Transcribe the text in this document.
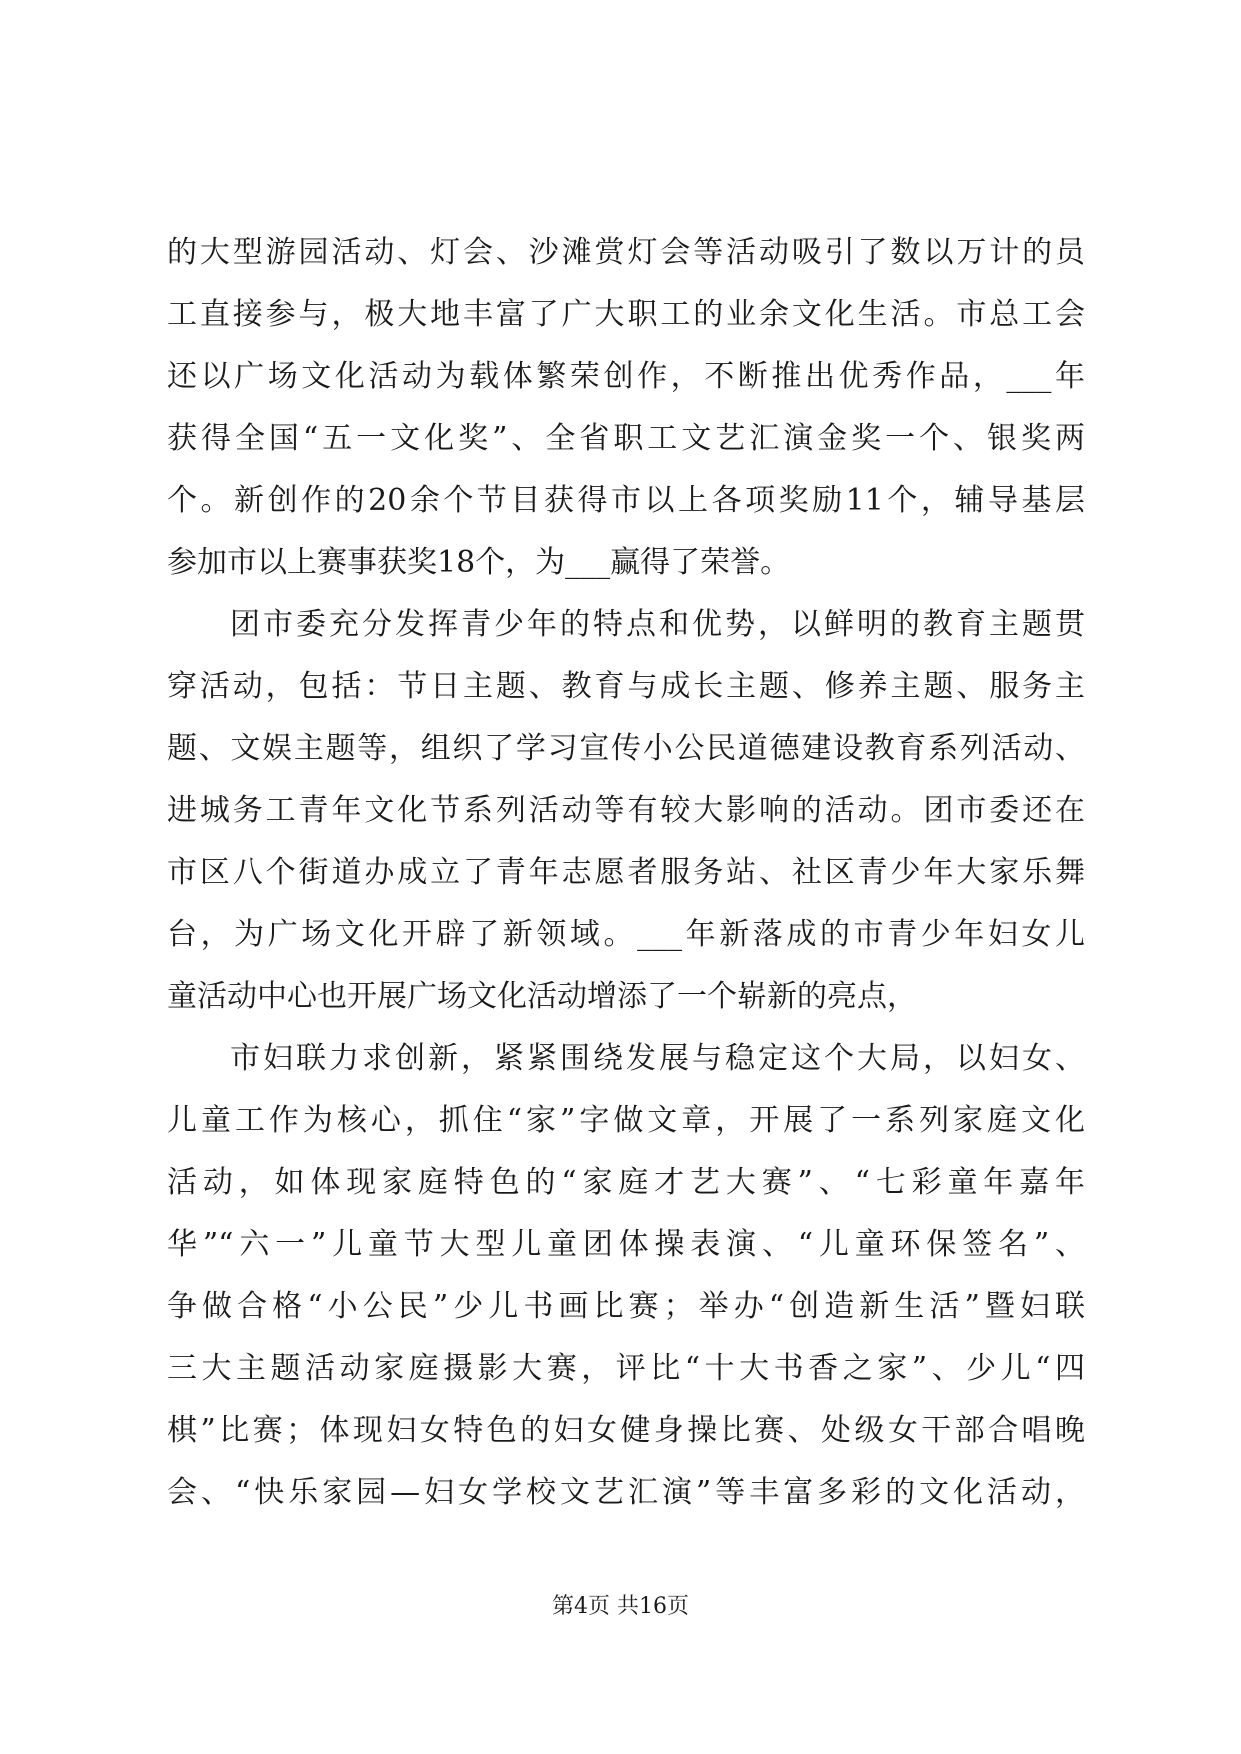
的大型游园活动、灯会、沙滩赏灯会等活动吸引了数以万计的员
工直接参与，极大地丰富了广大职工的业余文化生活。市总工会
还以广场文化活动为载体繁荣创作，不断推出优秀作品，___年
获得全国“五一文化奖”、全省职工文艺汇演金奖一个、银奖两
个。新创作的20余个节目获得市以上各项奖励11个，辅导基层
参加市以上赛事获奖18个，为___赢得了荣誉。
团市委充分发挥青少年的特点和优势，以鲜明的教育主题贯
穿活动，包括：节日主题、教育与成长主题、修养主题、服务主
题、文娱主题等，组织了学习宣传小公民道德建设教育系列活动、
进城务工青年文化节系列活动等有较大影响的活动。团市委还在
市区八个街道办成立了青年志愿者服务站、社区青少年大家乐舞
台，为广场文化开辟了新领域。___年新落成的市青少年妇女儿
童活动中心也开展广场文化活动增添了一个崭新的亮点，
市妇联力求创新，紧紧围绕发展与稳定这个大局，以妇女、
儿童工作为核心，抓住“家”字做文章，开展了一系列家庭文化
活动，如体现家庭特色的“家庭才艺大赛”、“七彩童年嘉年
华”“六一”儿童节大型儿童团体操表演、“儿童环保签名”、
争做合格“小公民”少儿书画比赛；举办“创造新生活”暨妇联
三大主题活动家庭摄影大赛，评比“十大书香之家”、少儿“四
棋”比赛；体现妇女特色的妇女健身操比赛、处级女干部合唱晚
会、“快乐家园—妇女学校文艺汇演”等丰富多彩的文化活动，
第4页 共16页
